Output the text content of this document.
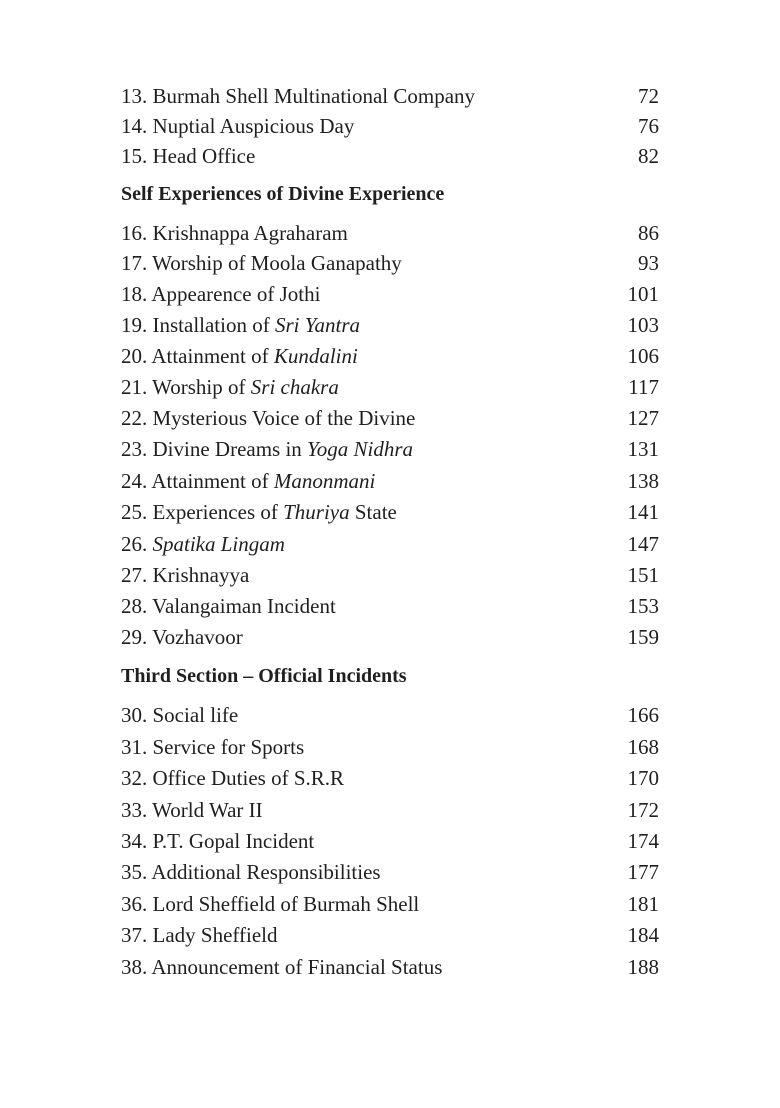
13. Burmah Shell Multinational Company	72
14. Nuptial Auspicious Day	76
15. Head Office	82
Self Experiences of Divine Experience
16. Krishnappa Agraharam	86
17. Worship of Moola Ganapathy	93
18. Appearence of Jothi	101
19. Installation of Sri Yantra	103
20. Attainment of Kundalini	106
21. Worship of Sri chakra	117
22. Mysterious Voice of the Divine	127
23. Divine Dreams in Yoga Nidhra	131
24. Attainment of Manonmani	138
25. Experiences of Thuriya State	141
26. Spatika Lingam	147
27. Krishnayya	151
28. Valangaiman Incident	153
29. Vozhavoor	159
Third Section – Official Incidents
30. Social life	166
31. Service for Sports	168
32. Office Duties of S.R.R	170
33. World War II	172
34. P.T. Gopal Incident	174
35. Additional Responsibilities	177
36. Lord Sheffield of Burmah Shell	181
37. Lady Sheffield	184
38. Announcement of Financial Status	188
